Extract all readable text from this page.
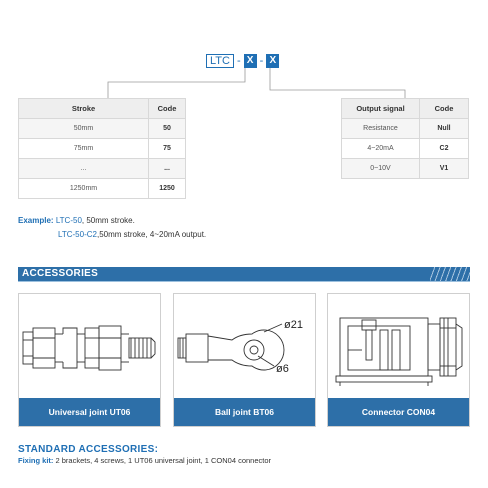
LTC - X - X
Stroke	Code
50mm	50
75mm	75
...	...
1250mm	1250
Output signal	Code
Resistance	Null
4~20mA	C2
0~10V	V1
Example: LTC-50, 50mm stroke.
LTC-50-C2,50mm stroke, 4~20mA output.
ACCESSORIES
Universal joint UT06
ø21
ø6
Ball joint BT06	Connector CON04
STANDARD ACCESSORIES:
Fixing kit: 2 brackets, 4 screws, 1 UT06 universal joint, 1 CON04 connector
